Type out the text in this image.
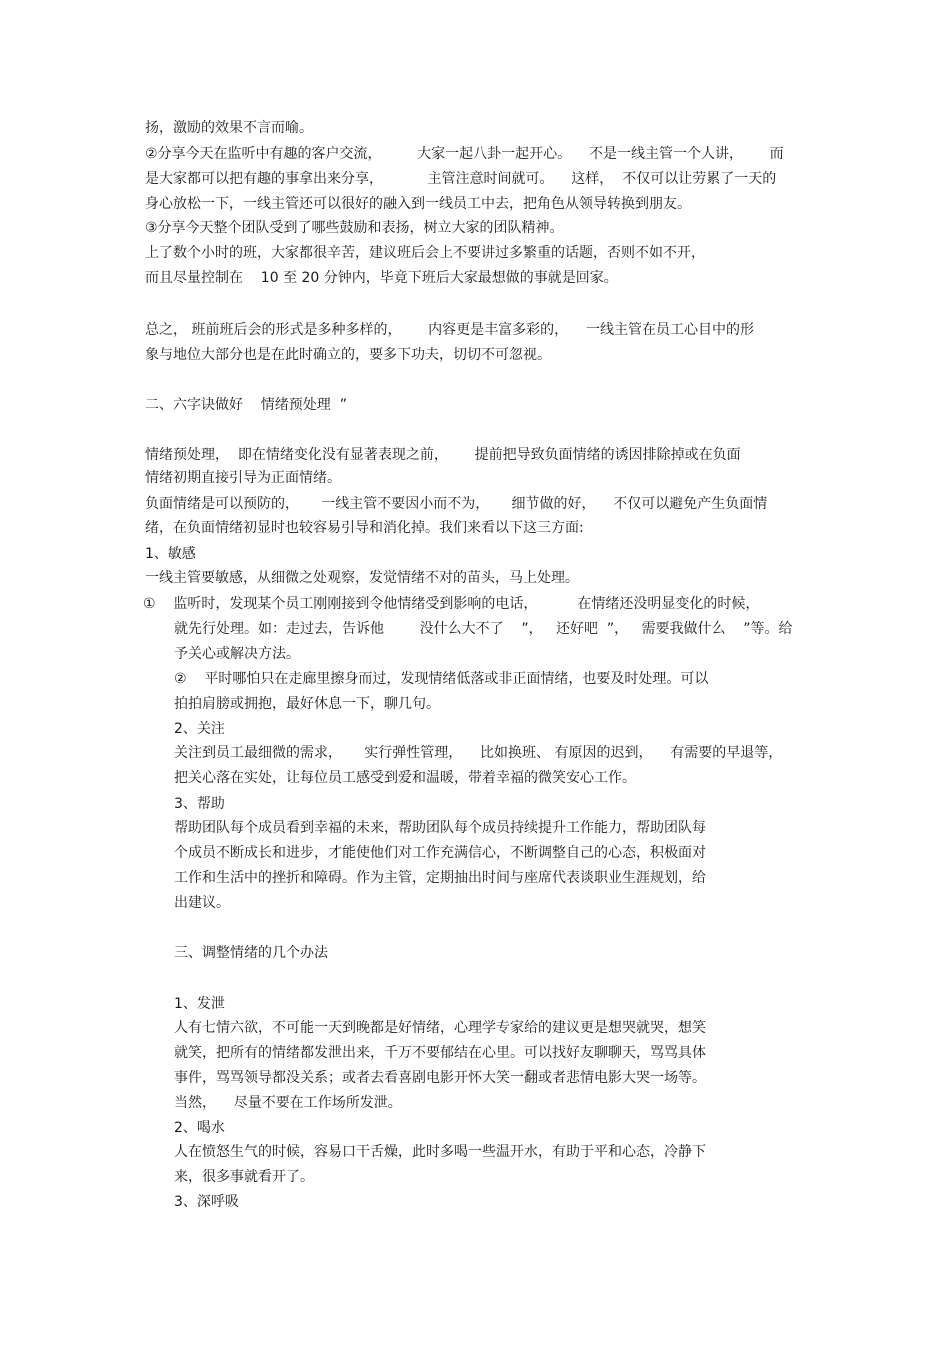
扬，激励的效果不言而喻。
②分享今天在监听中有趣的客户交流，        大家一起八卦一起开心。    不是一线主管一个人讲，      而
是大家都可以把有趣的事拿出来分享，          主管注意时间就可。    这样，  不仅可以让劳累了一天的
身心放松一下，一线主管还可以很好的融入到一线员工中去，把角色从领导转换到朋友。
③分享今天整个团队受到了哪些鼓励和表扬，树立大家的团队精神。
上了数个小时的班，大家都很辛苦，建议班后会上不要讲过多繁重的话题，否则不如不开，
而且尽量控制在    10 至 20 分钟内，毕竟下班后大家最想做的事就是回家。
总之， 班前班后会的形式是多种多样的，      内容更是丰富多彩的，    一线主管在员工心目中的形
象与地位大部分也是在此时确立的，要多下功夫，切切不可忽视。
二、六字诀做好    情绪预处理  ”
情绪预处理，  即在情绪变化没有显著表现之前，      提前把导致负面情绪的诱因排除掉或在负面
情绪初期直接引导为正面情绪。
负面情绪是可以预防的，     一线主管不要因小而不为，     细节做的好，    不仅可以避免产生负面情
绪，在负面情绪初显时也较容易引导和消化掉。我们来看以下这三方面:
1、敏感
一线主管要敏感，从细微之处观察，发觉情绪不对的苗头，马上处理。
①    监听时，发现某个员工刚刚接到令他情绪受到影响的电话，         在情绪还没明显变化的时候，
就先行处理。如：走过去，告诉他        没什么大不了    ”，   还好吧  ”，   需要我做什么    ”等。给
予关心或解决方法。
②    平时哪怕只在走廊里擦身而过，发现情绪低落或非正面情绪，也要及时处理。可以
拍拍肩膀或拥抱，最好休息一下，聊几句。
2、关注
关注到员工最细微的需求，     实行弹性管理，    比如换班、 有原因的迟到，    有需要的早退等，
把关心落在实处，让每位员工感受到爱和温暖，带着幸福的微笑安心工作。
3、帮助
帮助团队每个成员看到幸福的未来，帮助团队每个成员持续提升工作能力，帮助团队每
个成员不断成长和进步，才能使他们对工作充满信心，不断调整自己的心态，积极面对
工作和生活中的挫折和障碍。作为主管，定期抽出时间与座席代表谈职业生涯规划，给
出建议。
三、调整情绪的几个办法
1、发泄
人有七情六欲，不可能一天到晚都是好情绪，心理学专家给的建议更是想哭就哭，想笑
就笑，把所有的情绪都发泄出来，千万不要郁结在心里。可以找好友聊聊天，骂骂具体
事件，骂骂领导都没关系；或者去看喜剧电影开怀大笑一翻或者悲情电影大哭一场等。
当然，    尽量不要在工作场所发泄。
2、喝水
人在愤怒生气的时候，容易口干舌燥，此时多喝一些温开水，有助于平和心态，冷静下
来，很多事就看开了。
3、深呼吸
